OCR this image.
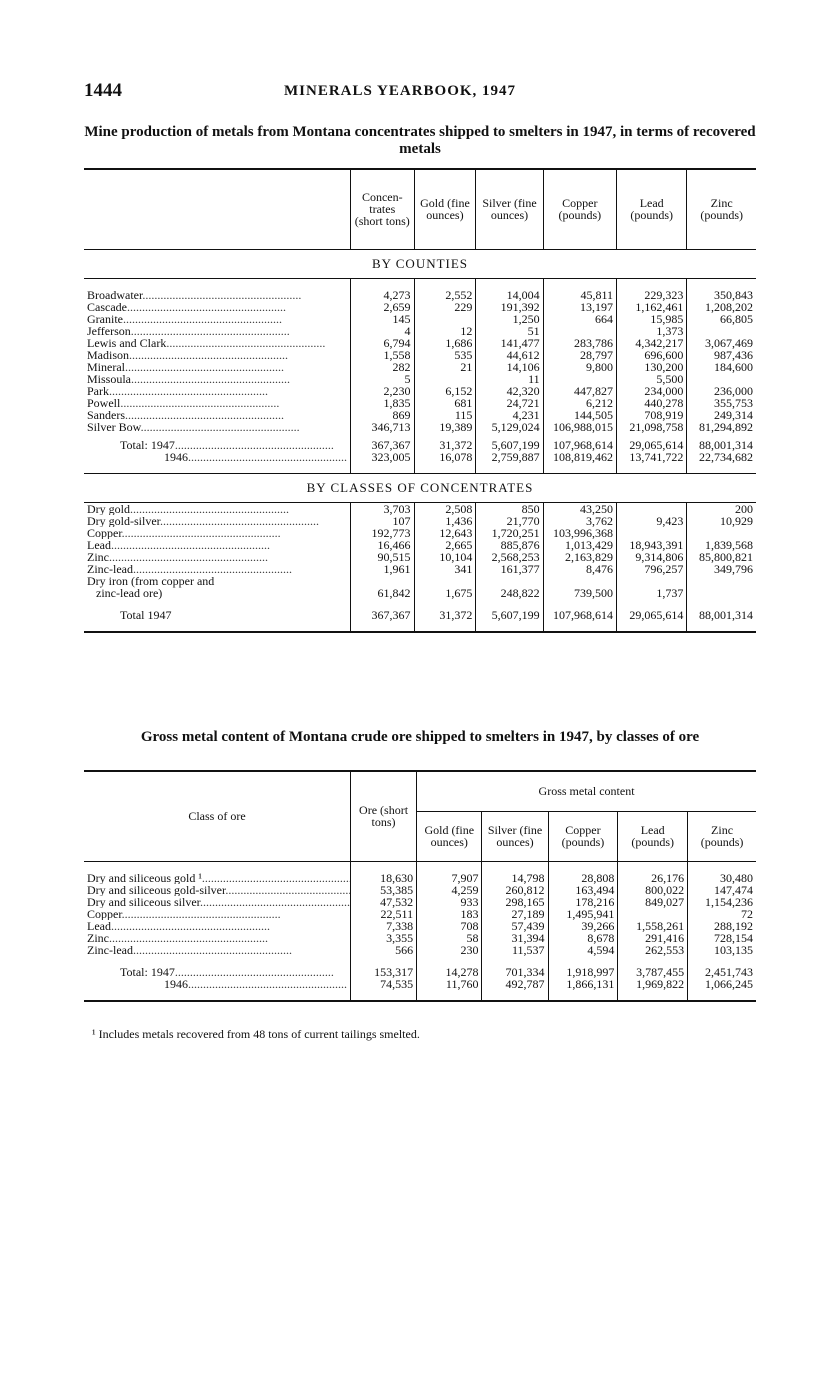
1444	MINERALS YEARBOOK, 1947
Mine production of metals from Montana concentrates shipped to smelters in 1947, in terms of recovered metals
	Concen-trates (short tons)	Gold (fine ounces)	Silver (fine ounces)	Copper (pounds)	Lead (pounds)	Zinc (pounds)
BY COUNTIES						

Broadwater .....	4,273	2,552	14,004	45,811	229,323	350,843
Cascade .....	2,659	229	191,392	13,197	1,162,461	1,208,202
Granite .....	145		1,250	664	15,985	66,805
Jefferson .....	4	12	51		1,373	
Lewis and Clark .....	6,794	1,686	141,477	283,786	4,342,217	3,067,469
Madison .....	1,558	535	44,612	28,797	696,600	987,436
Mineral .....	282	21	14,106	9,800	130,200	184,600
Missoula .....	5		11		5,500	
Park .....	2,230	6,152	42,320	447,827	234,000	236,000
Powell .....	1,835	681	24,721	6,212	440,278	355,753
Sanders .....	869	115	4,231	144,505	708,919	249,314
Silver Bow .....	346,713	19,389	5,129,024	106,988,015	21,098,758	81,294,892
Total: 1947 .....	367,367	31,372	5,607,199	107,968,614	29,065,614	88,001,314
1946 .....	323,005	16,078	2,759,887	108,819,462	13,741,722	22,734,682

BY CLASSES OF CONCENTRATES						
Dry gold .....	3,703	2,508	850	43,250		200
Dry gold-silver .....	107	1,436	21,770	3,762	9,423	10,929
Copper .....	192,773	12,643	1,720,251	103,996,368		
Lead .....	16,466	2,665	885,876	1,013,429	18,943,391	1,839,568
Zinc .....	90,515	10,104	2,568,253	2,163,829	9,314,806	85,800,821
Zinc-lead .....	1,961	341	161,377	8,476	796,257	349,796
Dry iron (from copper and
zinc-lead ore)	61,842	1,675	248,822	739,500	1,737	

Total 1947	367,367	31,372	5,607,199	107,968,614	29,065,614	88,001,314

Gross metal content of Montana crude ore shipped to smelters in 1947, by classes of ore
Class of ore	Ore (short tons)	Gross metal content				
		Gold (fine ounces)	Silver (fine ounces)	Copper (pounds)	Lead (pounds)	Zinc (pounds)

Dry and siliceous gold ¹ .....	18,630	7,907	14,798	28,808	26,176	30,480
Dry and siliceous gold-silver .....	53,385	4,259	260,812	163,494	800,022	147,474
Dry and siliceous silver .....	47,532	933	298,165	178,216	849,027	1,154,236
Copper .....	22,511	183	27,189	1,495,941		72
Lead .....	7,338	708	57,439	39,266	1,558,261	288,192
Zinc .....	3,355	58	31,394	8,678	291,416	728,154
Zinc-lead .....	566	230	11,537	4,594	262,553	103,135

Total: 1947 .....	153,317	14,278	701,334	1,918,997	3,787,455	2,451,743
1946 .....	74,535	11,760	492,787	1,866,131	1,969,822	1,066,245

¹ Includes metals recovered from 48 tons of current tailings smelted.
